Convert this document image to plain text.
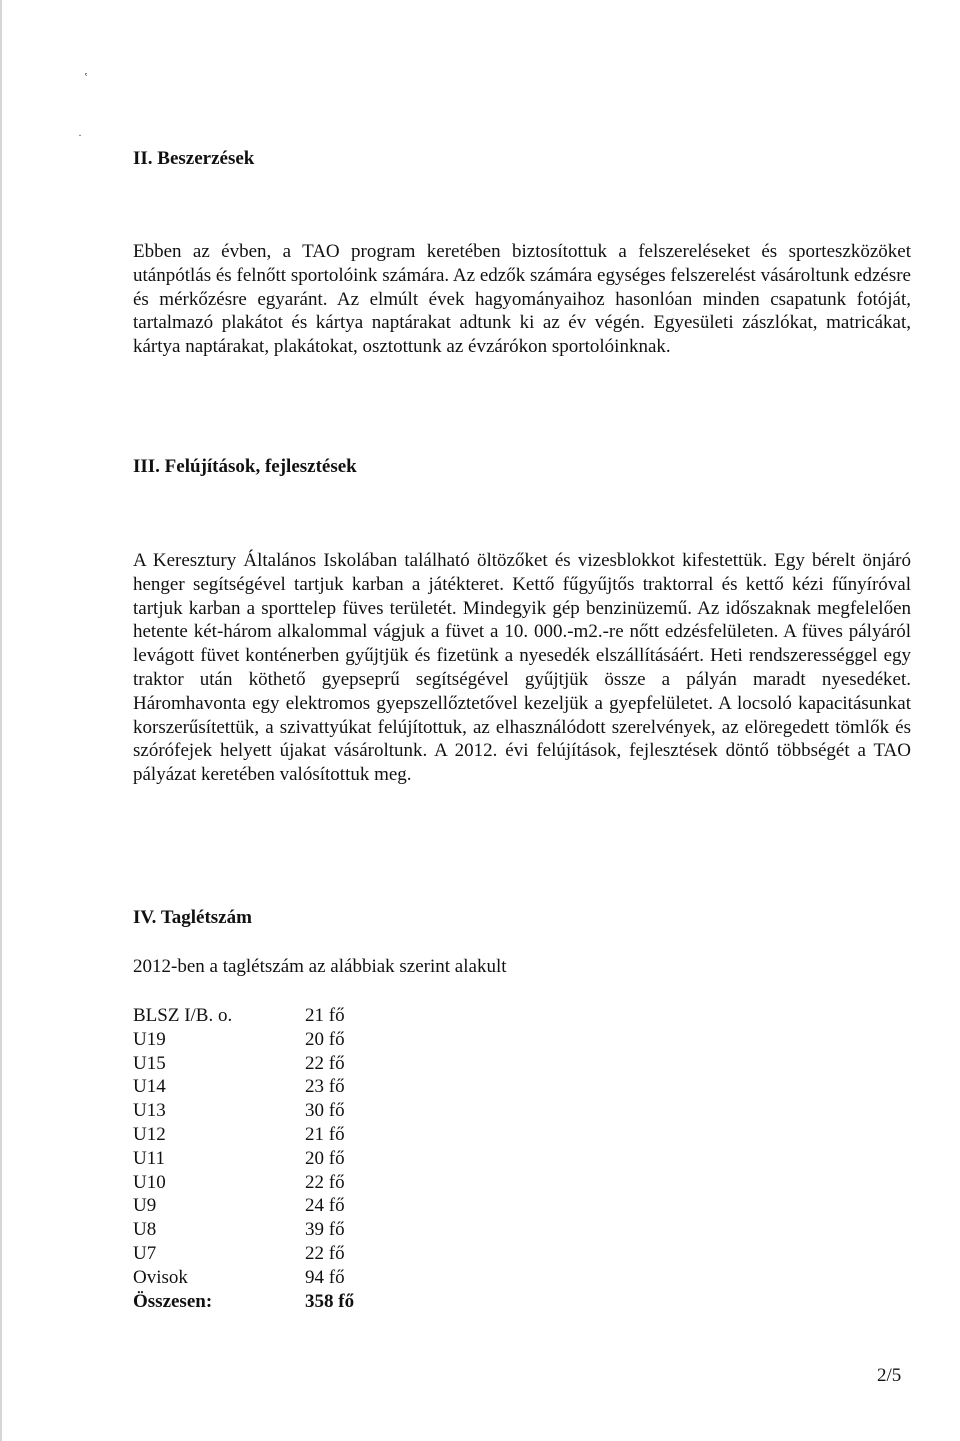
ʽ
·
II. Beszerzések

Ebben az évben, a TAO program keretében biztosítottuk a felszereléseket és sporteszközöket utánpótlás és felnőtt sportolóink számára. Az edzők számára egységes felszerelést vásároltunk edzésre és mérkőzésre egyaránt. Az elmúlt évek hagyományaihoz hasonlóan minden csapatunk fotóját, tartalmazó plakátot és kártya naptárakat adtunk ki az év végén. Egyesületi zászlókat, matricákat, kártya naptárakat, plakátokat, osztottunk az évzárókon sportolóinknak.

III. Felújítások, fejlesztések

A Keresztury Általános Iskolában található öltözőket és vizesblokkot kifestettük. Egy bérelt önjáró henger segítségével tartjuk karban a játékteret. Kettő fűgyűjtős traktorral és kettő kézi fűnyíróval tartjuk karban a sporttelep füves területét. Mindegyik gép benzinüzemű. Az időszaknak megfelelően hetente két-három alkalommal vágjuk a füvet a 10. 000.-m2.-re nőtt edzésfelületen. A füves pályáról levágott füvet konténerben gyűjtjük és fizetünk a nyesedék elszállításáért. Heti rendszerességgel egy traktor után köthető gyepseprű segítségével gyűjtjük össze a pályán maradt nyesedéket. Háromhavonta egy elektromos gyepszellőztetővel kezeljük a gyepfelületet. A locsoló kapacitásunkat korszerűsítettük, a szivattyúkat felújítottuk, az elhasználódott szerelvények, az elöregedett tömlők és szórófejek helyett újakat vásároltunk. A 2012. évi felújítások, fejlesztések döntő többségét a TAO pályázat keretében valósítottuk meg.

IV. Taglétszám

2012-ben a taglétszám az alábbiak szerint alakult

BLSZ I/B. o.	21 fő
U19	20 fő
U15	22 fő
U14	23 fő
U13	30 fő
U12	21 fő
U11	20 fő
U10	22 fő
U9	24 fő
U8	39 fő
U7	22 fő
Ovisok	94 fő
Összesen:	358 fő
2/5
